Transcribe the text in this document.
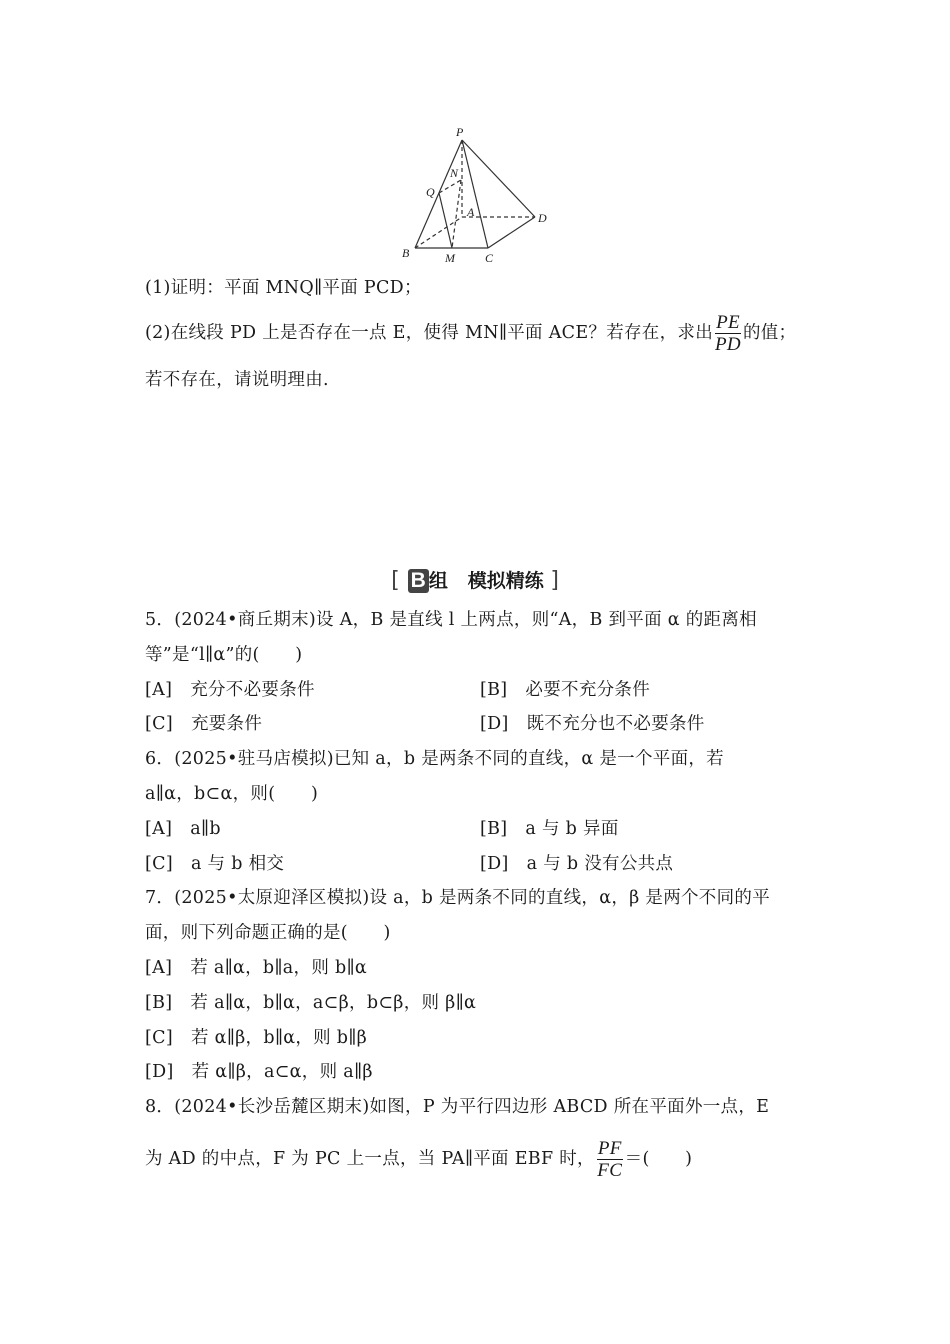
P
N
Q
A	D
B	M	C
(1)证明：平面 MNQ∥平面 PCD；
(2)在线段 PD 上是否存在一点 E，使得 MN∥平面 ACE？若存在，求出 $\frac{PE}{PD}$ 的值；
若不存在，请说明理由.
[ B 组 模拟精练 ]
5．(2024•商丘期末)设 A，B 是直线 l 上两点，则“A，B 到平面 α 的距离相
等”是“l∥α”的(　　)
[A] 充分不必要条件	[B] 必要不充分条件
[C] 充要条件	[D] 既不充分也不必要条件
6．(2025•驻马店模拟)已知 a，b 是两条不同的直线，α 是一个平面，若
a∥α，b⊂α，则(　　)
[A] a∥b	[B] a 与 b 异面
[C] a 与 b 相交	[D] a 与 b 没有公共点
7．(2025•太原迎泽区模拟)设 a，b 是两条不同的直线，α，β 是两个不同的平
面，则下列命题正确的是(　　)
[A] 若 a∥α，b∥a，则 b∥α
[B] 若 a∥α，b∥α，a⊂β，b⊂β，则 β∥α
[C] 若 α∥β，b∥α，则 b∥β
[D] 若 α∥β，a⊂α，则 a∥β
8．(2024•长沙岳麓区期末)如图，P 为平行四边形 ABCD 所在平面外一点，E
为 AD 的中点，F 为 PC 上一点，当 PA∥平面 EBF 时， $\frac{PF}{FC}$ ＝(　　)
